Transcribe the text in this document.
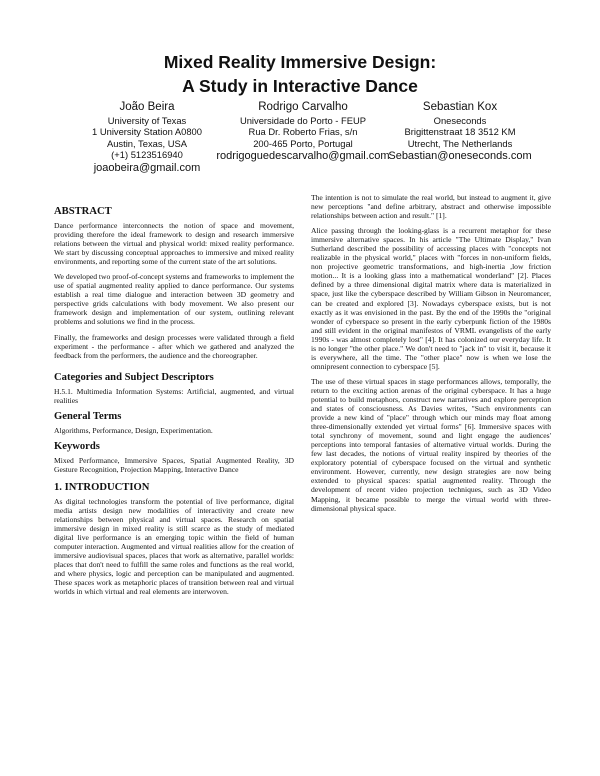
Mixed Reality Immersive Design:
A Study in Interactive Dance
João Beira
University of Texas
1 University Station A0800
Austin, Texas, USA
(+1) 5123516940
joaobeira@gmail.com
Rodrigo Carvalho
Universidade do Porto - FEUP
Rua Dr. Roberto Frias, s/n
200-465 Porto, Portugal
rodrigoguedescarvalho@gmail.com
Sebastian Kox
Oneseconds
Brigittenstraat 18 3512 KM
Utrecht, The Netherlands
Sebastian@oneseconds.com
ABSTRACT

Dance performance interconnects the notion of space and movement, providing therefore the ideal framework to design and research immersive relations between the virtual and physical world: mixed reality performance. We start by discussing conceptual approaches to immersive and mixed reality environments, and reporting some of the current state of the art solutions.

We developed two proof-of-concept systems and frameworks to implement the use of spatial augmented reality applied to dance performance. Our systems establish a real time dialogue and interaction between 3D geometry and perspective grids calculations with body movement. We also present our framework design and implementation of our system, outlining relevant problems and solutions we find in the process.

Finally, the frameworks and design processes were validated through a field experiment - the performance - after which we gathered and analyzed the feedback from the performers, the audience and the choreographer.

Categories and Subject Descriptors

H.5.1. Multimedia Information Systems: Artificial, augmented, and virtual realities

General Terms

Algorithms, Performance, Design, Experimentation.

Keywords

Mixed Performance, Immersive Spaces, Spatial Augmented Reality, 3D Gesture Recognition, Projection Mapping, Interactive Dance

1. INTRODUCTION

As digital technologies transform the potential of live performance, digital media artists design new modalities of interactivity and create new relationships between physical and virtual spaces. Research on spatial immersive design in mixed reality is still scarce as the study of mediated digital live performance is an emerging topic within the field of human computer interaction. Augmented and virtual realities allow for the creation of immersive audiovisual spaces, places that work as alternative, parallel worlds: places that don't need to fulfill the same roles and functions as the real world, and where physics, logic and perception can be manipulated and augmented. These spaces work as metaphoric places of transition between real and virtual worlds in which virtual and real elements are interwoven.

The intention is not to simulate the real world, but instead to augment it, give new perceptions "and define arbitrary, abstract and otherwise impossible relationships between action and result." [1].

Alice passing through the looking-glass is a recurrent metaphor for these immersive alternative spaces. In his article "The Ultimate Display," Ivan Sutherland described the possibility of accessing places with "concepts not realizable in the physical world," places with "forces in non-uniform fields, non projective geometric transformations, and high-inertia ,low friction motion... It is a looking glass into a mathematical wonderland" [2]. Places defined by a three dimensional digital matrix where data is materialized in space, just like the cyberspace described by William Gibson in Neuromancer, can be created and explored [3]. Nowadays cyberspace exists, but is not exactly as it was envisioned in the past. By the end of the 1990s the "original wonder of cyberspace so present in the early cyberpunk fiction of the 1980s and still evident in the original manifestos of VRML evangelists of the early 1990s - was almost completely lost" [4]. It has colonized our everyday life. It is no longer "the other place." We don't need to "jack in" to visit it, because it is everywhere, all the time. The "other place" now is when we lose the omnipresent connection to cyberspace [5].

The use of these virtual spaces in stage performances allows, temporally, the return to the exciting action arenas of the original cyberspace. It has a huge potential to build metaphors, construct new narratives and explore perception and states of consciousness. As Davies writes, "Such environments can provide a new kind of "place" through which our minds may float among three-dimensionally extended yet virtual forms" [6]. Immersive spaces with total synchrony of movement, sound and light engage the audiences' perceptions into temporal fantasies of alternative virtual worlds. During the few last decades, the notions of virtual reality inspired by theories of the exploratory potential of cyberspace focused on the virtual and synthetic environment. However, currently, new design strategies are now being extended to physical spaces: spatial augmented reality. Through the development of recent video projection techniques, such as 3D Video Mapping, it became possible to merge the virtual world with three-dimensional physical space.
